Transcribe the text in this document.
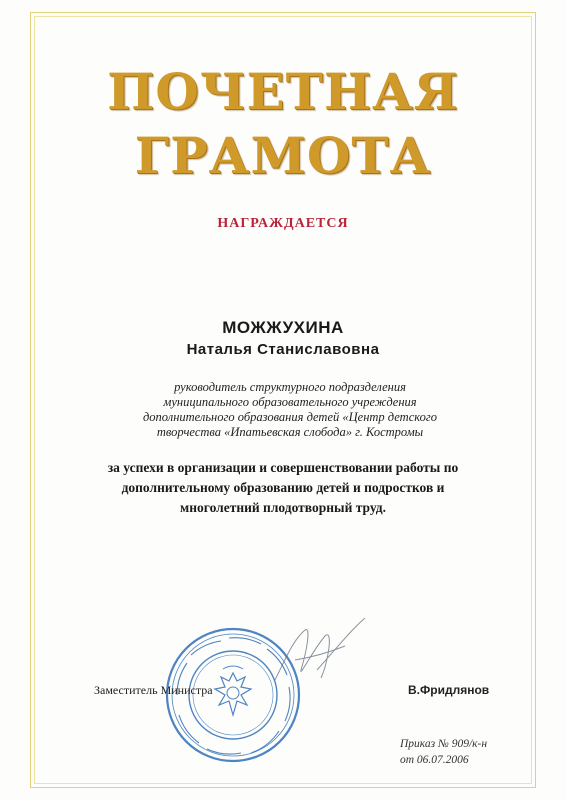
ПОЧЕТНАЯ
ГРАМОТА
НАГРАЖДАЕТСЯ
МОЖЖУХИНА
Наталья Станиславовна
руководитель структурного подразделения
муниципального образовательного учреждения
дополнительного образования детей «Центр детского
творчества «Ипатьевская слобода» г. Костромы
за успехи в организации и совершенствовании работы по
дополнительному образованию детей и подростков и
многолетний плодотворный труд.
Заместитель Министра	В.Фридлянов
Приказ № 909/к-н
от 06.07.2006
